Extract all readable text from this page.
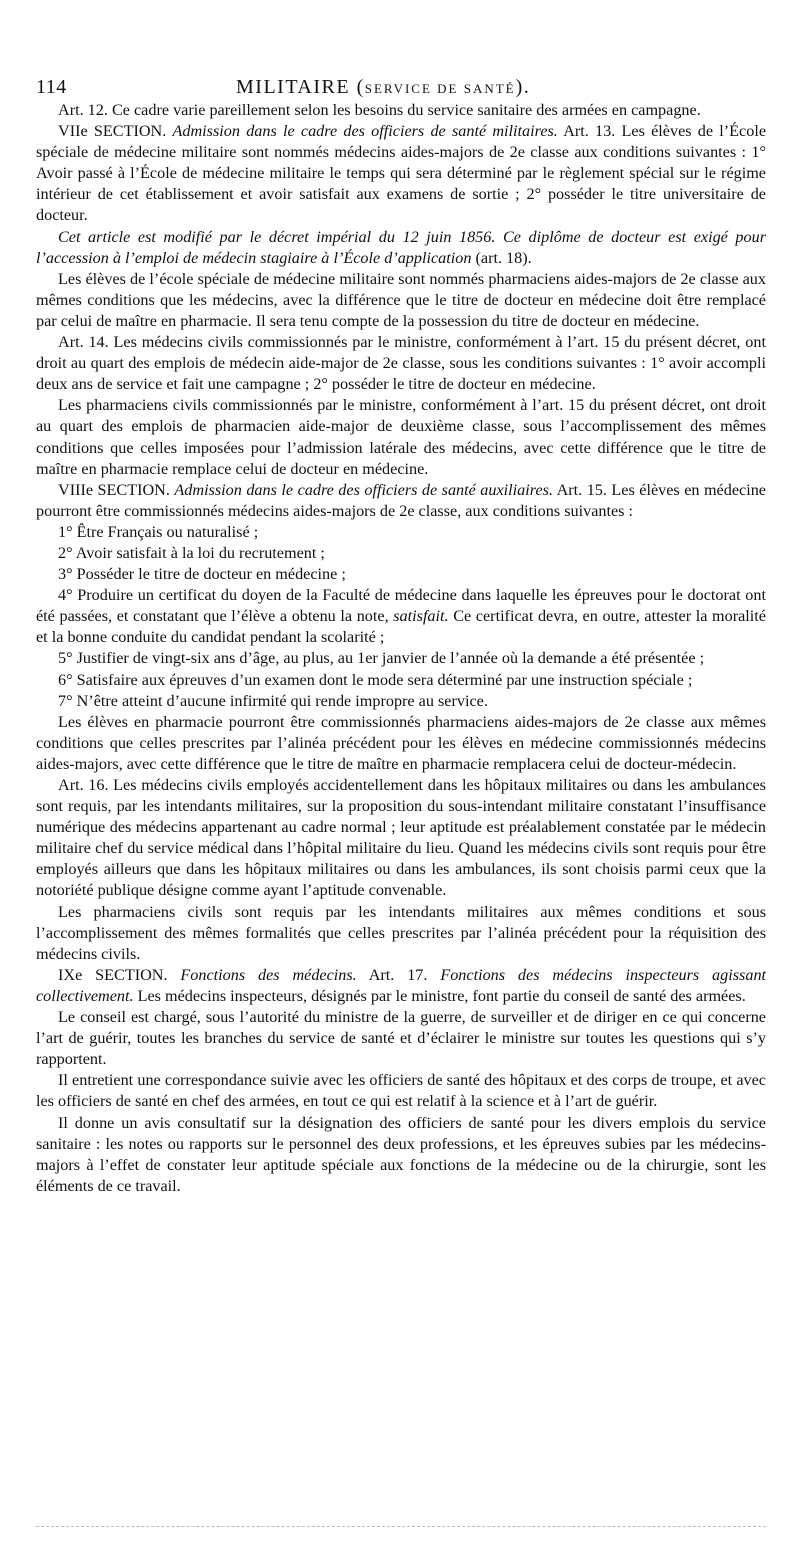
114	MILITAIRE (SERVICE DE SANTÉ).

Art. 12. Ce cadre varie pareillement selon les besoins du service sanitaire des armées en campagne.

VIIe SECTION. Admission dans le cadre des officiers de santé militaires. Art. 13. Les élèves de l’École spéciale de médecine militaire sont nommés médecins aides-majors de 2e classe aux conditions suivantes : 1° Avoir passé à l’École de médecine militaire le temps qui sera déterminé par le règlement spécial sur le régime intérieur de cet établissement et avoir satisfait aux examens de sortie ; 2° posséder le titre universitaire de docteur.

Cet article est modifié par le décret impérial du 12 juin 1856. Ce diplôme de docteur est exigé pour l’accession à l’emploi de médecin stagiaire à l’École d’application (art. 18).

Les élèves de l’école spéciale de médecine militaire sont nommés pharmaciens aides-majors de 2e classe aux mêmes conditions que les médecins, avec la différence que le titre de docteur en médecine doit être remplacé par celui de maître en pharmacie. Il sera tenu compte de la possession du titre de docteur en médecine.

Art. 14. Les médecins civils commissionnés par le ministre, conformément à l’art. 15 du présent décret, ont droit au quart des emplois de médecin aide-major de 2e classe, sous les conditions suivantes : 1° avoir accompli deux ans de service et fait une campagne ; 2° posséder le titre de docteur en médecine.

Les pharmaciens civils commissionnés par le ministre, conformément à l’art. 15 du présent décret, ont droit au quart des emplois de pharmacien aide-major de deuxième classe, sous l’accomplissement des mêmes conditions que celles imposées pour l’admission latérale des médecins, avec cette différence que le titre de maître en pharmacie remplace celui de docteur en médecine.

VIIIe SECTION. Admission dans le cadre des officiers de santé auxiliaires. Art. 15. Les élèves en médecine pourront être commissionnés médecins aides-majors de 2e classe, aux conditions suivantes :

1° Être Français ou naturalisé ;

2° Avoir satisfait à la loi du recrutement ;

3° Posséder le titre de docteur en médecine ;

4° Produire un certificat du doyen de la Faculté de médecine dans laquelle les épreuves pour le doctorat ont été passées, et constatant que l’élève a obtenu la note, satisfait. Ce certificat devra, en outre, attester la moralité et la bonne conduite du candidat pendant la scolarité ;

5° Justifier de vingt-six ans d’âge, au plus, au 1er janvier de l’année où la demande a été présentée ;

6° Satisfaire aux épreuves d’un examen dont le mode sera déterminé par une instruction spéciale ;

7° N’être atteint d’aucune infirmité qui rende impropre au service.

Les élèves en pharmacie pourront être commissionnés pharmaciens aides-majors de 2e classe aux mêmes conditions que celles prescrites par l’alinéa précédent pour les élèves en médecine commissionnés médecins aides-majors, avec cette différence que le titre de maître en pharmacie remplacera celui de docteur-médecin.

Art. 16. Les médecins civils employés accidentellement dans les hôpitaux militaires ou dans les ambulances sont requis, par les intendants militaires, sur la proposition du sous-intendant militaire constatant l’insuffisance numérique des médecins appartenant au cadre normal ; leur aptitude est préalablement constatée par le médecin militaire chef du service médical dans l’hôpital militaire du lieu. Quand les médecins civils sont requis pour être employés ailleurs que dans les hôpitaux militaires ou dans les ambulances, ils sont choisis parmi ceux que la notoriété publique désigne comme ayant l’aptitude convenable.

Les pharmaciens civils sont requis par les intendants militaires aux mêmes conditions et sous l’accomplissement des mêmes formalités que celles prescrites par l’alinéa précédent pour la réquisition des médecins civils.

IXe SECTION. Fonctions des médecins. Art. 17. Fonctions des médecins inspecteurs agissant collectivement. Les médecins inspecteurs, désignés par le ministre, font partie du conseil de santé des armées.

Le conseil est chargé, sous l’autorité du ministre de la guerre, de surveiller et de diriger en ce qui concerne l’art de guérir, toutes les branches du service de santé et d’éclairer le ministre sur toutes les questions qui s’y rapportent.

Il entretient une correspondance suivie avec les officiers de santé des hôpitaux et des corps de troupe, et avec les officiers de santé en chef des armées, en tout ce qui est relatif à la science et à l’art de guérir.

Il donne un avis consultatif sur la désignation des officiers de santé pour les divers emplois du service sanitaire : les notes ou rapports sur le personnel des deux professions, et les épreuves subies par les médecins-majors à l’effet de constater leur aptitude spéciale aux fonctions de la médecine ou de la chirurgie, sont les éléments de ce travail.
